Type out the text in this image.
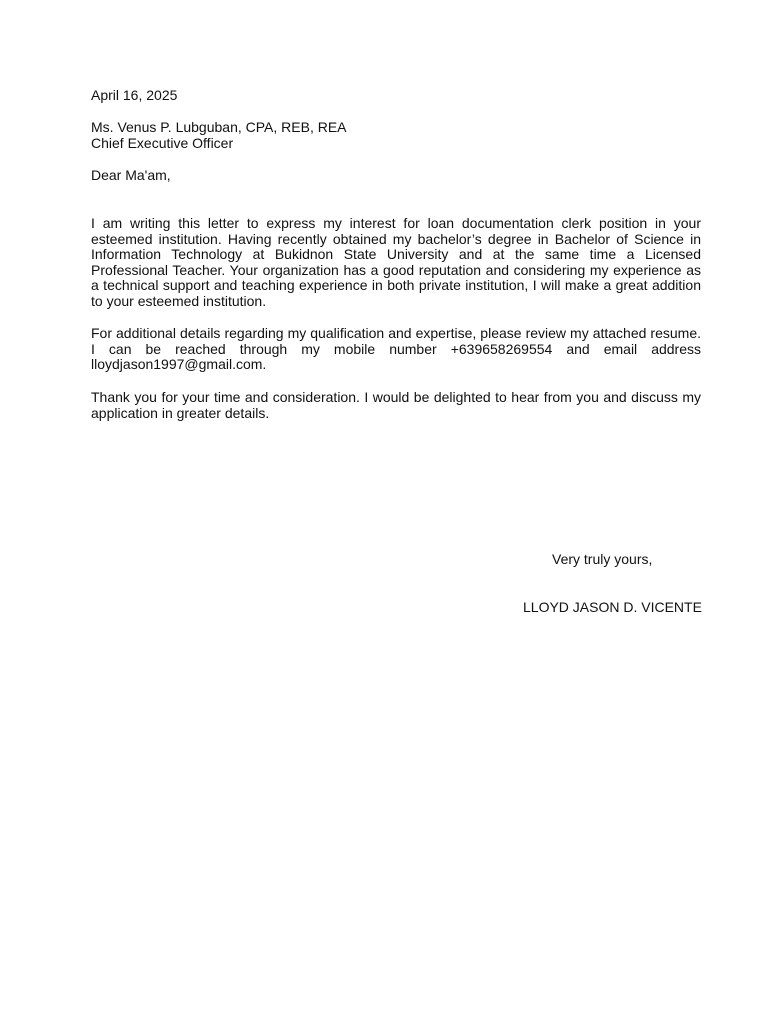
April 16, 2025
Ms. Venus P. Lubguban, CPA, REB, REA
Chief Executive Officer
Dear Ma'am,
I am writing this letter to express my interest for loan documentation clerk position in your esteemed institution. Having recently obtained my bachelor’s degree in Bachelor of Science in Information Technology at Bukidnon State University and at the same time a Licensed Professional Teacher. Your organization has a good reputation and considering my experience as a technical support and teaching experience in both private institution, I will make a great addition to your esteemed institution.
For additional details regarding my qualification and expertise, please review my attached resume. I can be reached through my mobile number +639658269554 and email address lloydjason1997@gmail.com.
Thank you for your time and consideration. I would be delighted to hear from you and discuss my application in greater details.
Very truly yours,
LLOYD JASON D. VICENTE
